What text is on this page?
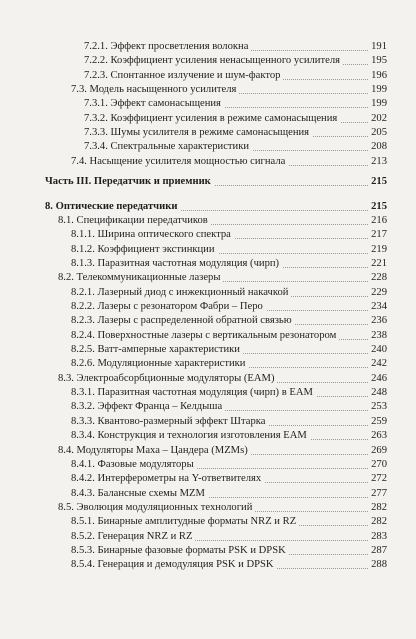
7.2.1. Эффект просветления волокна	191
7.2.2. Коэффициент усиления ненасыщенного усилителя	195
7.2.3. Спонтанное излучение и шум-фактор	196
7.3. Модель насыщенного усилителя	199
7.3.1. Эффект самонасыщения	199
7.3.2. Коэффициент усиления в режиме самонасыщения	202
7.3.3. Шумы усилителя в режиме самонасыщения	205
7.3.4. Спектральные характеристики	208
7.4. Насыщение усилителя мощностью сигнала	213
Часть III. Передатчик и приемник	215
8. Оптические передатчики	215
8.1. Спецификации передатчиков	216
8.1.1. Ширина оптического спектра	217
8.1.2. Коэффициент экстинкции	219
8.1.3. Паразитная частотная модуляция (чирп)	221
8.2. Телекоммуникационные лазеры	228
8.2.1. Лазерный диод с инжекционный накачкой	229
8.2.2. Лазеры с резонатором Фабри – Перо	234
8.2.3. Лазеры с распределенной обратной связью	236
8.2.4. Поверхностные лазеры с вертикальным резонатором	238
8.2.5. Ватт-амперные характеристики	240
8.2.6. Модуляционные характеристики	242
8.3. Электроабсорбционные модуляторы (EAM)	246
8.3.1. Паразитная частотная модуляция (чирп) в EAM	248
8.3.2. Эффект Франца – Келдыша	253
8.3.3. Квантово-размерный эффект Штарка	259
8.3.4. Конструкция и технология изготовления EAM	263
8.4. Модуляторы Маха – Цандера (MZMs)	269
8.4.1. Фазовые модуляторы	270
8.4.2. Интерферометры на Y-ответвителях	272
8.4.3. Балансные схемы MZM	277
8.5. Эволюция модуляционных технологий	282
8.5.1. Бинарные амплитудные форматы NRZ и RZ	282
8.5.2. Генерация NRZ и RZ	283
8.5.3. Бинарные фазовые форматы PSK и DPSK	287
8.5.4. Генерация и демодуляция PSK и DPSK	288
